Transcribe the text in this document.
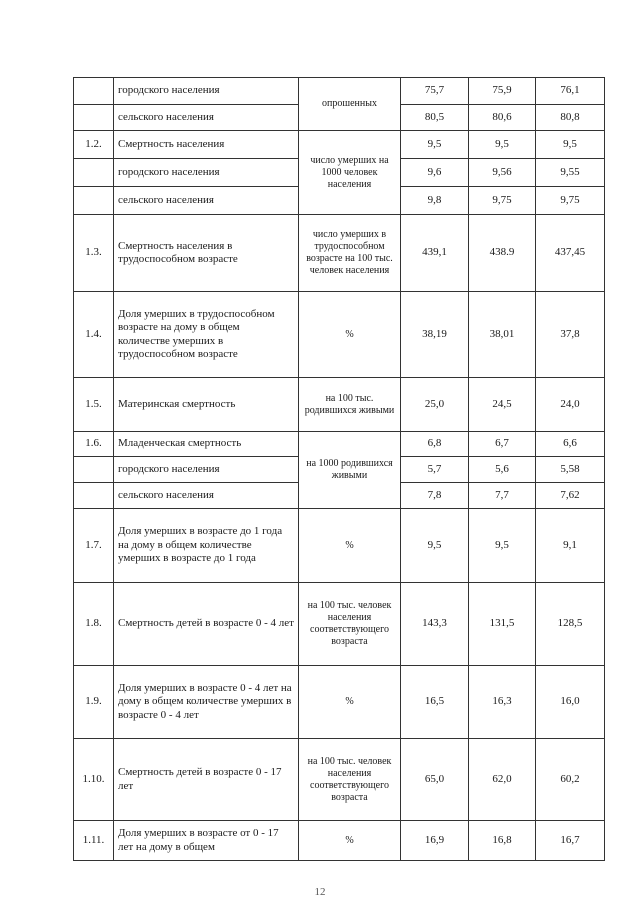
	городского населения	опрошенных	75,7	75,9	76,1
	сельского населения		80,5	80,6	80,8
1.2.	Смертность населения	число умерших на 1000 человек населения	9,5	9,5	9,5
	городского населения		9,6	9,56	9,55
	сельского населения		9,8	9,75	9,75
1.3.	Смертность населения в трудоспособном возрасте	число умерших в трудоспособном возрасте на 100 тыс. человек населения	439,1	438.9	437,45
1.4.	Доля умерших в трудоспособном возрасте на дому в общем количестве умерших в трудоспособном возрасте	%	38,19	38,01	37,8
1.5.	Материнская смертность	на 100 тыс. родившихся живыми	25,0	24,5	24,0
1.6.	Младенческая смертность	на 1000 родившихся живыми	6,8	6,7	6,6
	городского населения		5,7	5,6	5,58
	сельского населения		7,8	7,7	7,62
1.7.	Доля умерших в возрасте до 1 года на дому в общем количестве умерших в возрасте до 1 года	%	9,5	9,5	9,1
1.8.	Смертность детей в возрасте 0 - 4 лет	на 100 тыс. человек населения соответствующего возраста	143,3	131,5	128,5
1.9.	Доля умерших в возрасте 0 - 4 лет на дому в общем количестве умерших в возрасте 0 - 4 лет	%	16,5	16,3	16,0
1.10.	Смертность детей в возрасте 0 - 17 лет	на 100 тыс. человек населения соответствующего возраста	65,0	62,0	60,2
1.11.	Доля умерших в возрасте от 0 - 17 лет на дому в общем	%	16,9	16,8	16,7
12
